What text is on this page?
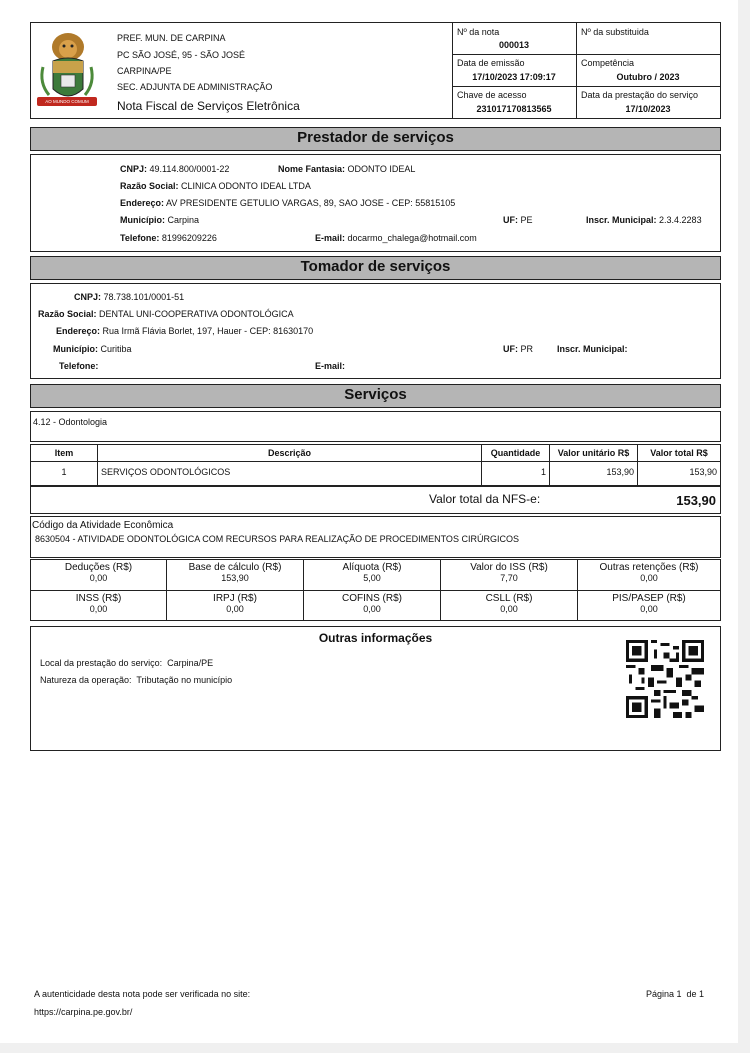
AO MUNDO COMUM
PREF. MUN. DE CARPINA
PC SÃO JOSÉ, 95 - SÃO JOSÉ
CARPINA/PE
SEC. ADJUNTA DE ADMINISTRAÇÃO
Nota Fiscal de Serviços Eletrônica
Nº da nota
000013
Nº da substituida
Data de emissão
17/10/2023 17:09:17
Competência
Outubro / 2023
Chave de acesso
231017170813565
Data da prestação do serviço
17/10/2023
Prestador de serviços
CNPJ: 49.114.800/0001-22	Nome Fantasia: ODONTO IDEAL
Razão Social: CLINICA ODONTO IDEAL LTDA
Endereço: AV PRESIDENTE GETULIO VARGAS, 89, SAO JOSE - CEP: 55815105
Município: Carpina	UF: PE	Inscr. Municipal: 2.3.4.2283
Telefone: 81996209226	E-mail: docarmo_chalega@hotmail.com
Tomador de serviços
CNPJ: 78.738.101/0001-51
Razão Social: DENTAL UNI-COOPERATIVA ODONTOLÓGICA
Endereço: Rua Irmã Flávia Borlet, 197, Hauer - CEP: 81630170
Município: Curitiba	UF: PR	Inscr. Municipal:
Telefone:	E-mail:
Serviços
4.12 - Odontologia
Item	Descrição	Quantidade	Valor unitário R$	Valor total R$
1	SERVIÇOS ODONTOLÓGICOS	1	153,90	153,90
Valor total da NFS-e:	153,90
Código da Atividade Econômica
8630504 - ATIVIDADE ODONTOLÓGICA COM RECURSOS PARA REALIZAÇÃO DE PROCEDIMENTOS CIRÚRGICOS
Deduções (R$)
0,00
Base de cálculo (R$)
153,90
Alíquota (R$)
5,00
Valor do ISS (R$)
7,70
Outras retenções (R$)
0,00
INSS (R$)
0,00
IRPJ (R$)
0,00
COFINS (R$)
0,00
CSLL (R$)
0,00
PIS/PASEP (R$)
0,00
Outras informações
Local da prestação do serviço: Carpina/PE
Natureza da operação: Tributação no município
A autenticidade desta nota pode ser verificada no site:
https://carpina.pe.gov.br/
Página 1  de 1
